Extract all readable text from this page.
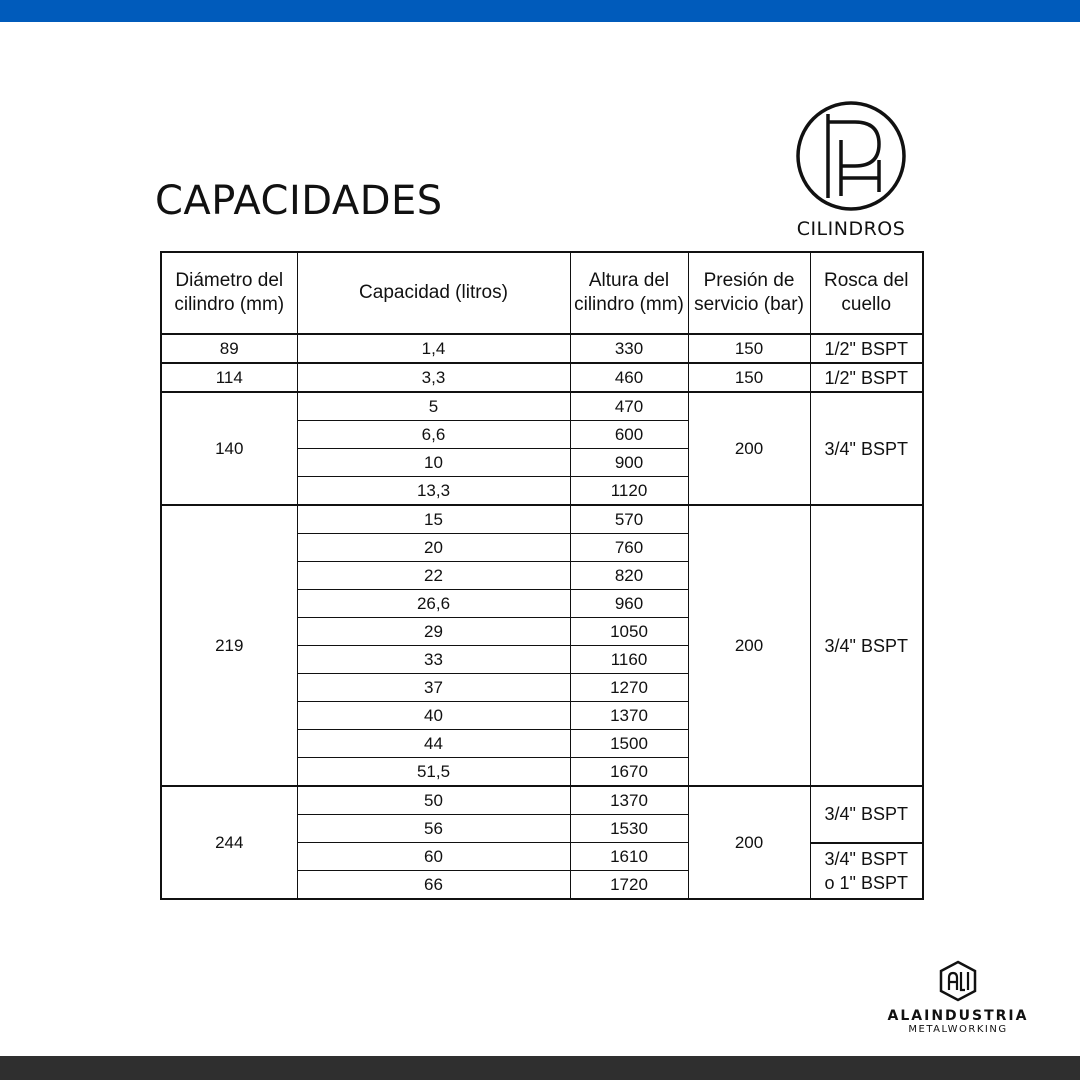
CAPACIDADES
CILINDROS
Diámetro del cilindro (mm)	Capacidad (litros)	Altura del cilindro (mm)	Presión de servicio (bar)	Rosca del cuello
89	1,4	330	150	1/2" BSPT
114	3,3	460	150	1/2" BSPT
140	5	470	200	3/4" BSPT
	6,6	600		
	10	900		
	13,3	1120		
219	15	570	200	3/4" BSPT
	20	760		
	22	820		
	26,6	960		
	29	1050		
	33	1160		
	37	1270		
	40	1370		
	44	1500		
	51,5	1670		
244	50	1370	200	3/4" BSPT
	56	1530		
	60	1610		3/4" BSPT o 1" BSPT
	66	1720		
ALAINDUSTRIA
METALWORKING
